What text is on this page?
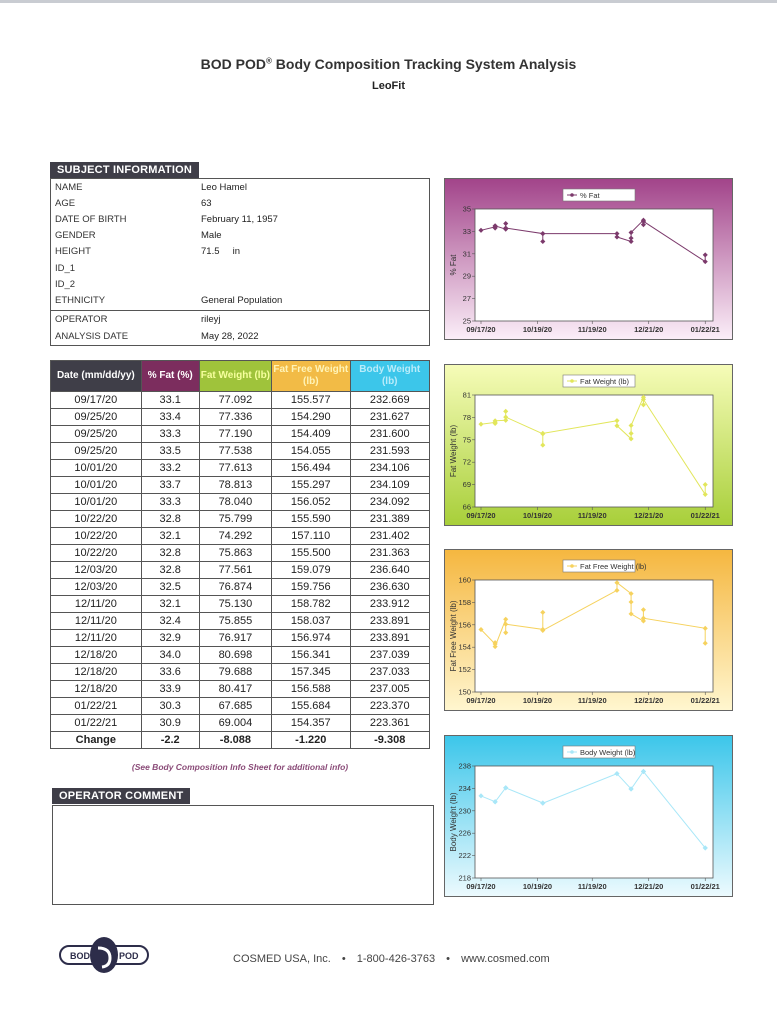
BOD POD® Body Composition Tracking System Analysis
LeoFit
SUBJECT INFORMATION
NAME	Leo Hamel
AGE	63
DATE OF BIRTH	February 11, 1957
GENDER	Male
HEIGHT	71.5     in
ID_1
ID_2
ETHNICITY	General Population
OPERATOR	rileyj
ANALYSIS DATE	May 28, 2022
Date (mm/dd/yy)	% Fat (%)	Fat Weight (lb)	Fat Free Weight (lb)	Body Weight (lb)
09/17/20	33.1	77.092	155.577	232.669
09/25/20	33.4	77.336	154.290	231.627
09/25/20	33.3	77.190	154.409	231.600
09/25/20	33.5	77.538	154.055	231.593
10/01/20	33.2	77.613	156.494	234.106
10/01/20	33.7	78.813	155.297	234.109
10/01/20	33.3	78.040	156.052	234.092
10/22/20	32.8	75.799	155.590	231.389
10/22/20	32.1	74.292	157.110	231.402
10/22/20	32.8	75.863	155.500	231.363
12/03/20	32.8	77.561	159.079	236.640
12/03/20	32.5	76.874	159.756	236.630
12/11/20	32.1	75.130	158.782	233.912
12/11/20	32.4	75.855	158.037	233.891
12/11/20	32.9	76.917	156.974	233.891
12/18/20	34.0	80.698	156.341	237.039
12/18/20	33.6	79.688	157.345	237.033
12/18/20	33.9	80.417	156.588	237.005
01/22/21	30.3	67.685	155.684	223.370
01/22/21	30.9	69.004	154.357	223.361
Change	-2.2	-8.088	-1.220	-9.308
(See Body Composition Info Sheet for additional info)
OPERATOR COMMENT
% Fat
% Fat
25
27
29
31
33
35
09/17/20	10/19/20	11/19/20	12/21/20	01/22/21
Fat Weight (lb)
Fat Weight (lb)
66
69
72
75
78
81
09/17/20	10/19/20	11/19/20	12/21/20	01/22/21
Fat Free Weight (lb)
Fat Free Weight (lb)
150
152
154
156
158
160
09/17/20	10/19/20	11/19/20	12/21/20	01/22/21
Body Weight (lb)
Body Weight (lb)
218
222
226
230
234
238
09/17/20	10/19/20	11/19/20	12/21/20	01/22/21
BOD	POD	COSMED USA, Inc. • 1-800-426-3763 • www.cosmed.com
